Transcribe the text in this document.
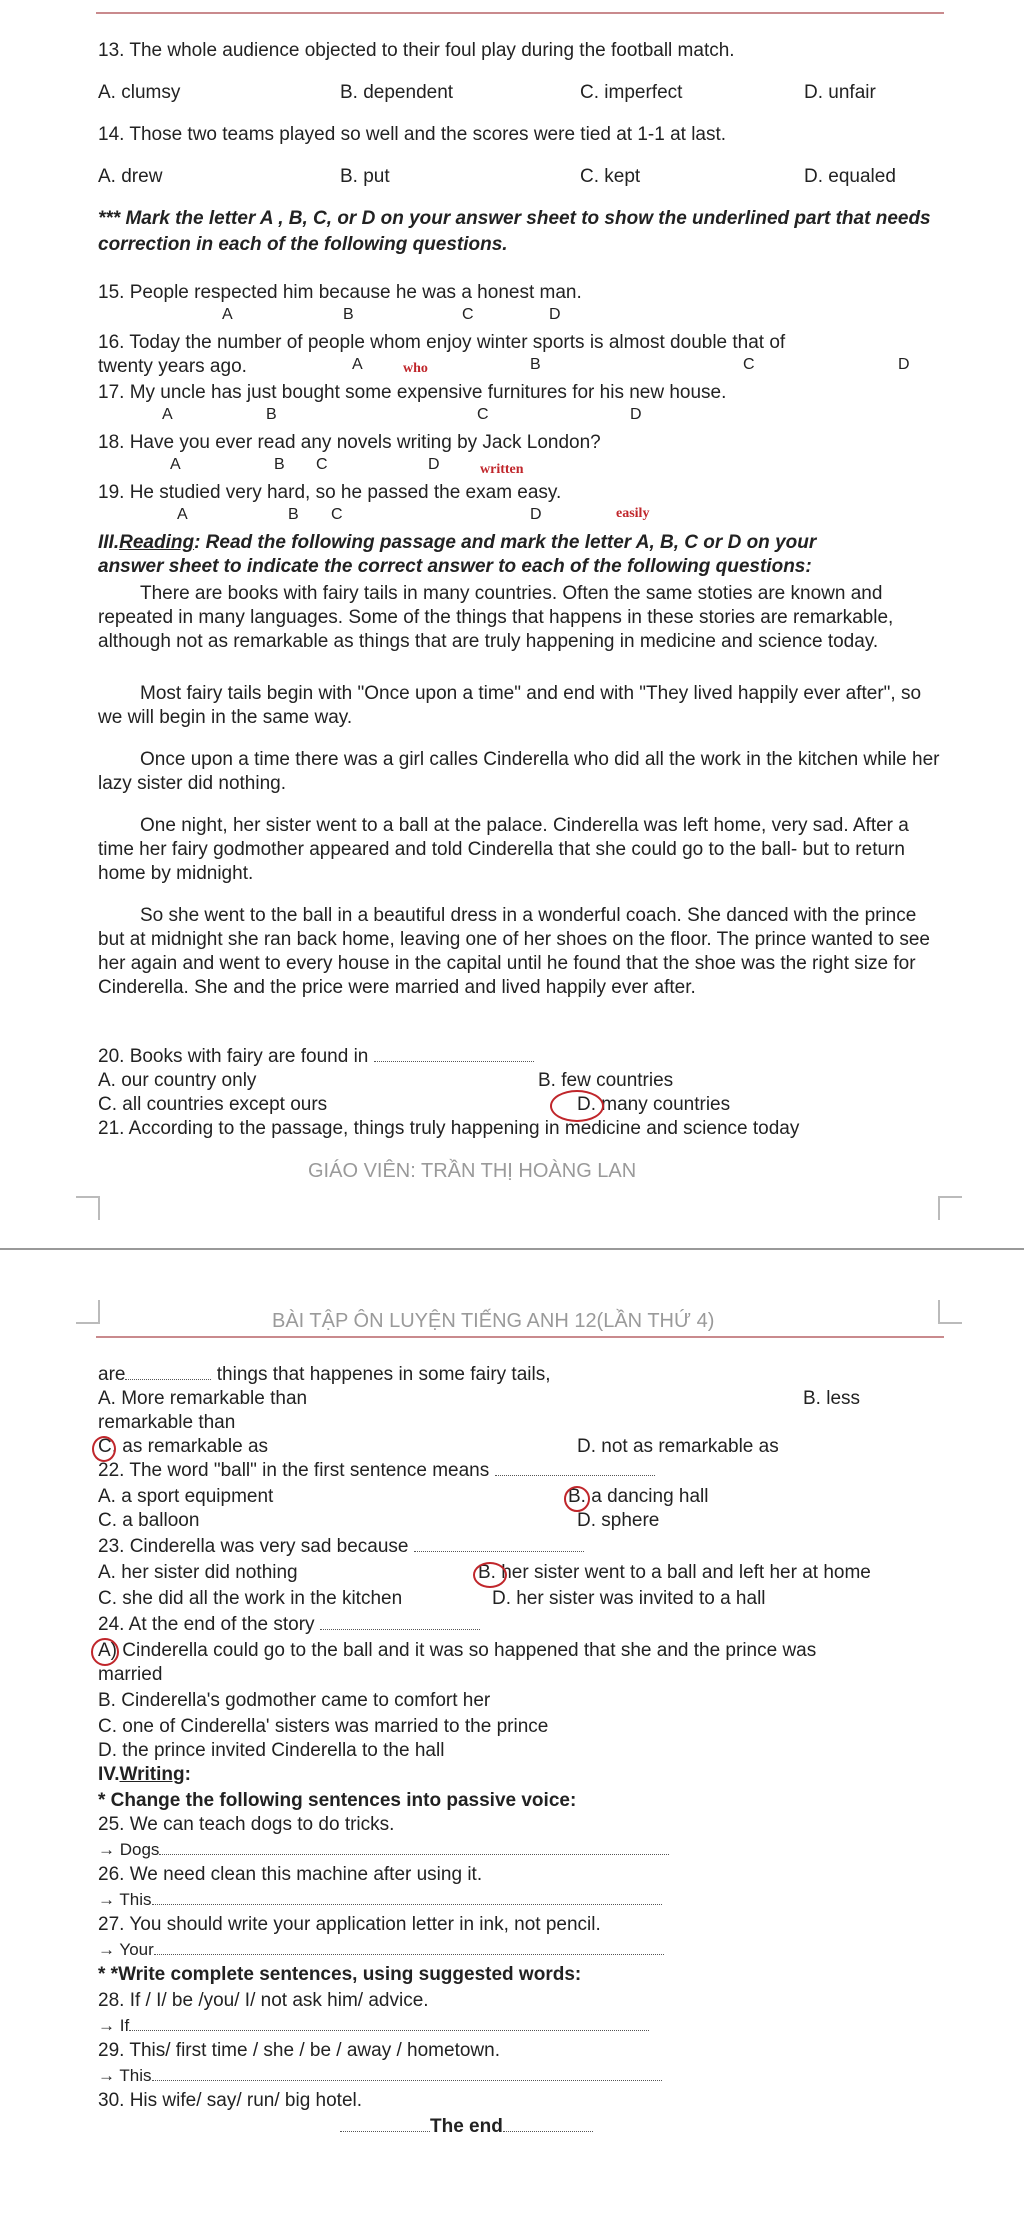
13. The whole audience objected to their foul play during the football match.
A. clumsy	B. dependent	C. imperfect	D. unfair
14. Those two teams played so well and the scores were tied at 1-1 at last.
A. drew	B. put	C. kept	D. equaled
*** Mark the letter A , B, C, or D on your answer sheet to show the underlined part that needs correction in each of the following questions.
15. People respected him because he was a honest man.
A	B	C	D
16. Today the number of people whom enjoy winter sports is almost double that of
twenty years ago.	A	who	B	C	D
17. My uncle has just bought some expensive furnitures for his new house.
A	B	C	D
18. Have you ever read any novels writing by Jack London?
A	B C	D	written
19. He studied very hard, so he passed the exam easy.
A	B C	D	easily
III.Reading: Read the following passage and mark the letter A, B, C or D on your
answer sheet to indicate the correct answer to each of the following questions:
There are books with fairy tails in many countries. Often the same stoties are known and repeated in many languages. Some of the things that happens in these stories are remarkable, although not as remarkable as things that are truly happening in medicine and science today.
Most fairy tails begin with "Once upon a time" and end with "They lived happily ever after", so we will begin in the same way.
Once upon a time there was a girl calles Cinderella who did all the work in the kitchen while her lazy sister did nothing.
One night, her sister went to a ball at the palace. Cinderella was left home, very sad. After a time her fairy godmother appeared and told Cinderella that she could go to the ball- but to return home by midnight.
So she went to the ball in a beautiful dress in a wonderful coach. She danced with the prince but at midnight she ran back home, leaving one of her shoes on the floor. The prince wanted to see her again and went to every house in the capital until he found that the shoe was the right size for Cinderella. She and the price were married and lived happily ever after.
20. Books with fairy are found in
A. our country only	B. few countries
C. all countries except ours	D. many countries
21. According to the passage, things truly happening in medicine and science today
GIÁO VIÊN: TRẦN THỊ HOÀNG LAN
BÀI TẬP ÔN LUYỆN TIẾNG ANH 12(LẦN THỨ 4)
are	things that happenes in some fairy tails,
A. More remarkable than	B. less
remarkable than
C. as remarkable as	D. not as remarkable as
22. The word "ball" in the first sentence means
A. a sport equipment	B. a dancing hall
C. a balloon	D. sphere
23. Cinderella was very sad because
A. her sister did nothing	B. her sister went to a ball and left her at home
C. she did all the work in the kitchen	D. her sister was invited to a hall
24. At the end of the story
A) Cinderella could go to the ball and it was so happened that she and the prince was
married
B. Cinderella's godmother came to comfort her
C. one of Cinderella' sisters was married to the prince
D. the prince invited Cinderella to the hall
IV.Writing:
* Change the following sentences into passive voice:
25. We can teach dogs to do tricks.
→ Dogs
26. We need clean this machine after using it.
→ This
27. You should write your application letter in ink, not pencil.
→ Your
* *Write complete sentences, using suggested words:
28. If / I/ be /you/ I/ not ask him/ advice.
→ If
29. This/ first time / she / be / away / hometown.
→ This
30. His wife/ say/ run/ big hotel.
The end
